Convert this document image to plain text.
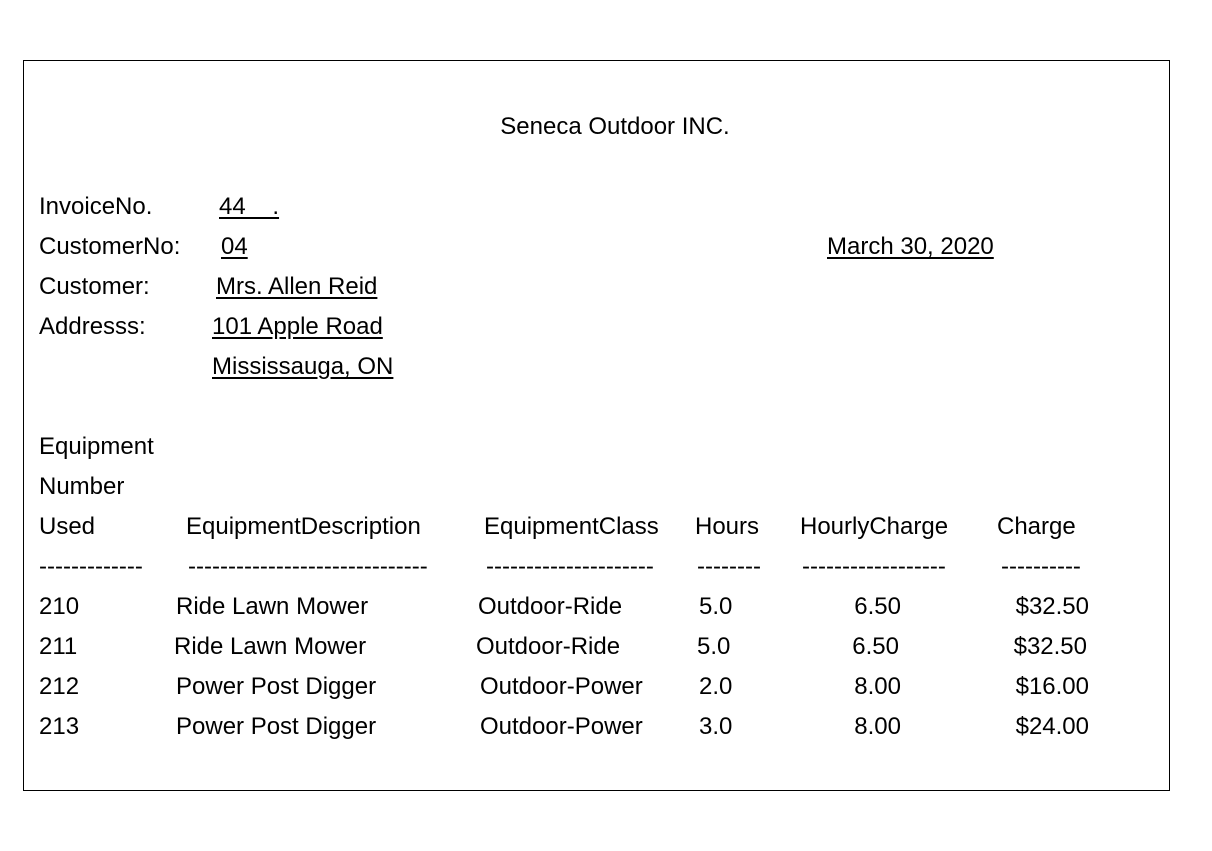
Seneca Outdoor INC.
InvoiceNo.	44    .
CustomerNo: 04	March 30, 2020
Customer:	Mrs. Allen Reid
Addresss:	101 Apple Road
Mississauga, ON
Equipment
Number
Used	EquipmentDescription	EquipmentClass Hours HourlyCharge Charge
-------------	------------------------------	---------------------	-------- ------------------	----------
210	Ride Lawn Mower	Outdoor-Ride	5.0	6.50	$32.50
211	Ride Lawn Mower	Outdoor-Ride	5.0	6.50	$32.50
212	Power Post Digger	Outdoor-Power 2.0	8.00	$16.00
213	Power Post Digger	Outdoor-Power 3.0	8.00	$24.00
